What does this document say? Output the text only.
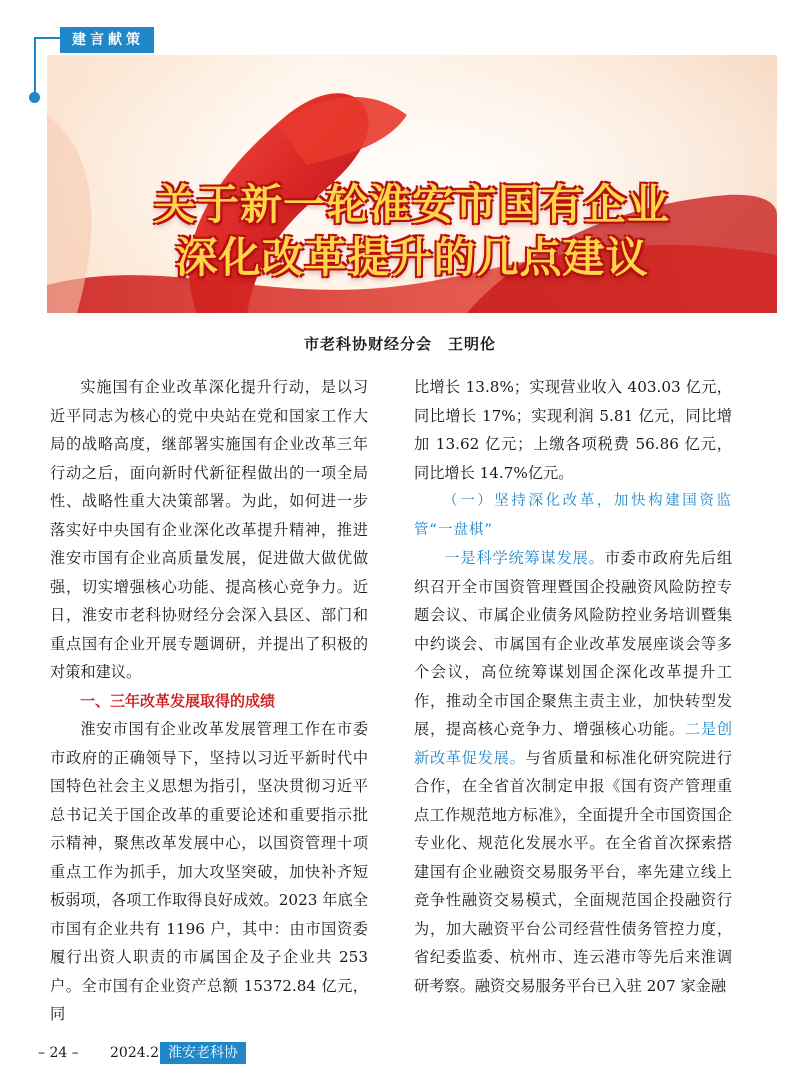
建言献策
关于新一轮淮安市国有企业
深化改革提升的几点建议
市老科协财经分会　王明伦

实施国有企业改革深化提升行动，是以习近平同志为核心的党中央站在党和国家工作大局的战略高度，继部署实施国有企业改革三年行动之后，面向新时代新征程做出的一项全局性、战略性重大决策部署。为此，如何进一步落实好中央国有企业深化改革提升精神，推进淮安市国有企业高质量发展，促进做大做优做强，切实增强核心功能、提高核心竞争力。近日，淮安市老科协财经分会深入县区、部门和重点国有企业开展专题调研，并提出了积极的对策和建议。

一、三年改革发展取得的成绩

淮安市国有企业改革发展管理工作在市委市政府的正确领导下，坚持以习近平新时代中国特色社会主义思想为指引，坚决贯彻习近平总书记关于国企改革的重要论述和重要指示批示精神，聚焦改革发展中心，以国资管理十项重点工作为抓手，加大攻坚突破，加快补齐短板弱项，各项工作取得良好成效。2023 年底全市国有企业共有 1196 户，其中：由市国资委履行出资人职责的市属国企及子企业共 253 户。全市国有企业资产总额 15372.84 亿元，同

比增长 13.8%；实现营业收入 403.03 亿元，同比增长 17%；实现利润 5.81 亿元，同比增加 13.62 亿元；上缴各项税费 56.86 亿元，同比增长 14.7%亿元。

（一）坚持深化改革，加快构建国资监管“一盘棋”

一是科学统筹谋发展。市委市政府先后组织召开全市国资管理暨国企投融资风险防控专题会议、市属企业债务风险防控业务培训暨集中约谈会、市属国有企业改革发展座谈会等多个会议，高位统筹谋划国企深化改革提升工作，推动全市国企聚焦主责主业，加快转型发展，提高核心竞争力、增强核心功能。二是创新改革促发展。与省质量和标准化研究院进行合作，在全省首次制定申报《国有资产管理重点工作规范地方标准》，全面提升全市国资国企专业化、规范化发展水平。在全省首次探索搭建国有企业融资交易服务平台，率先建立线上竞争性融资交易模式，全面规范国企投融资行为，加大融资平台公司经营性债务管控力度，省纪委监委、杭州市、连云港市等先后来淮调研考察。融资交易服务平台已入驻 207 家金融

– 24 – 2024.2 淮安老科协
